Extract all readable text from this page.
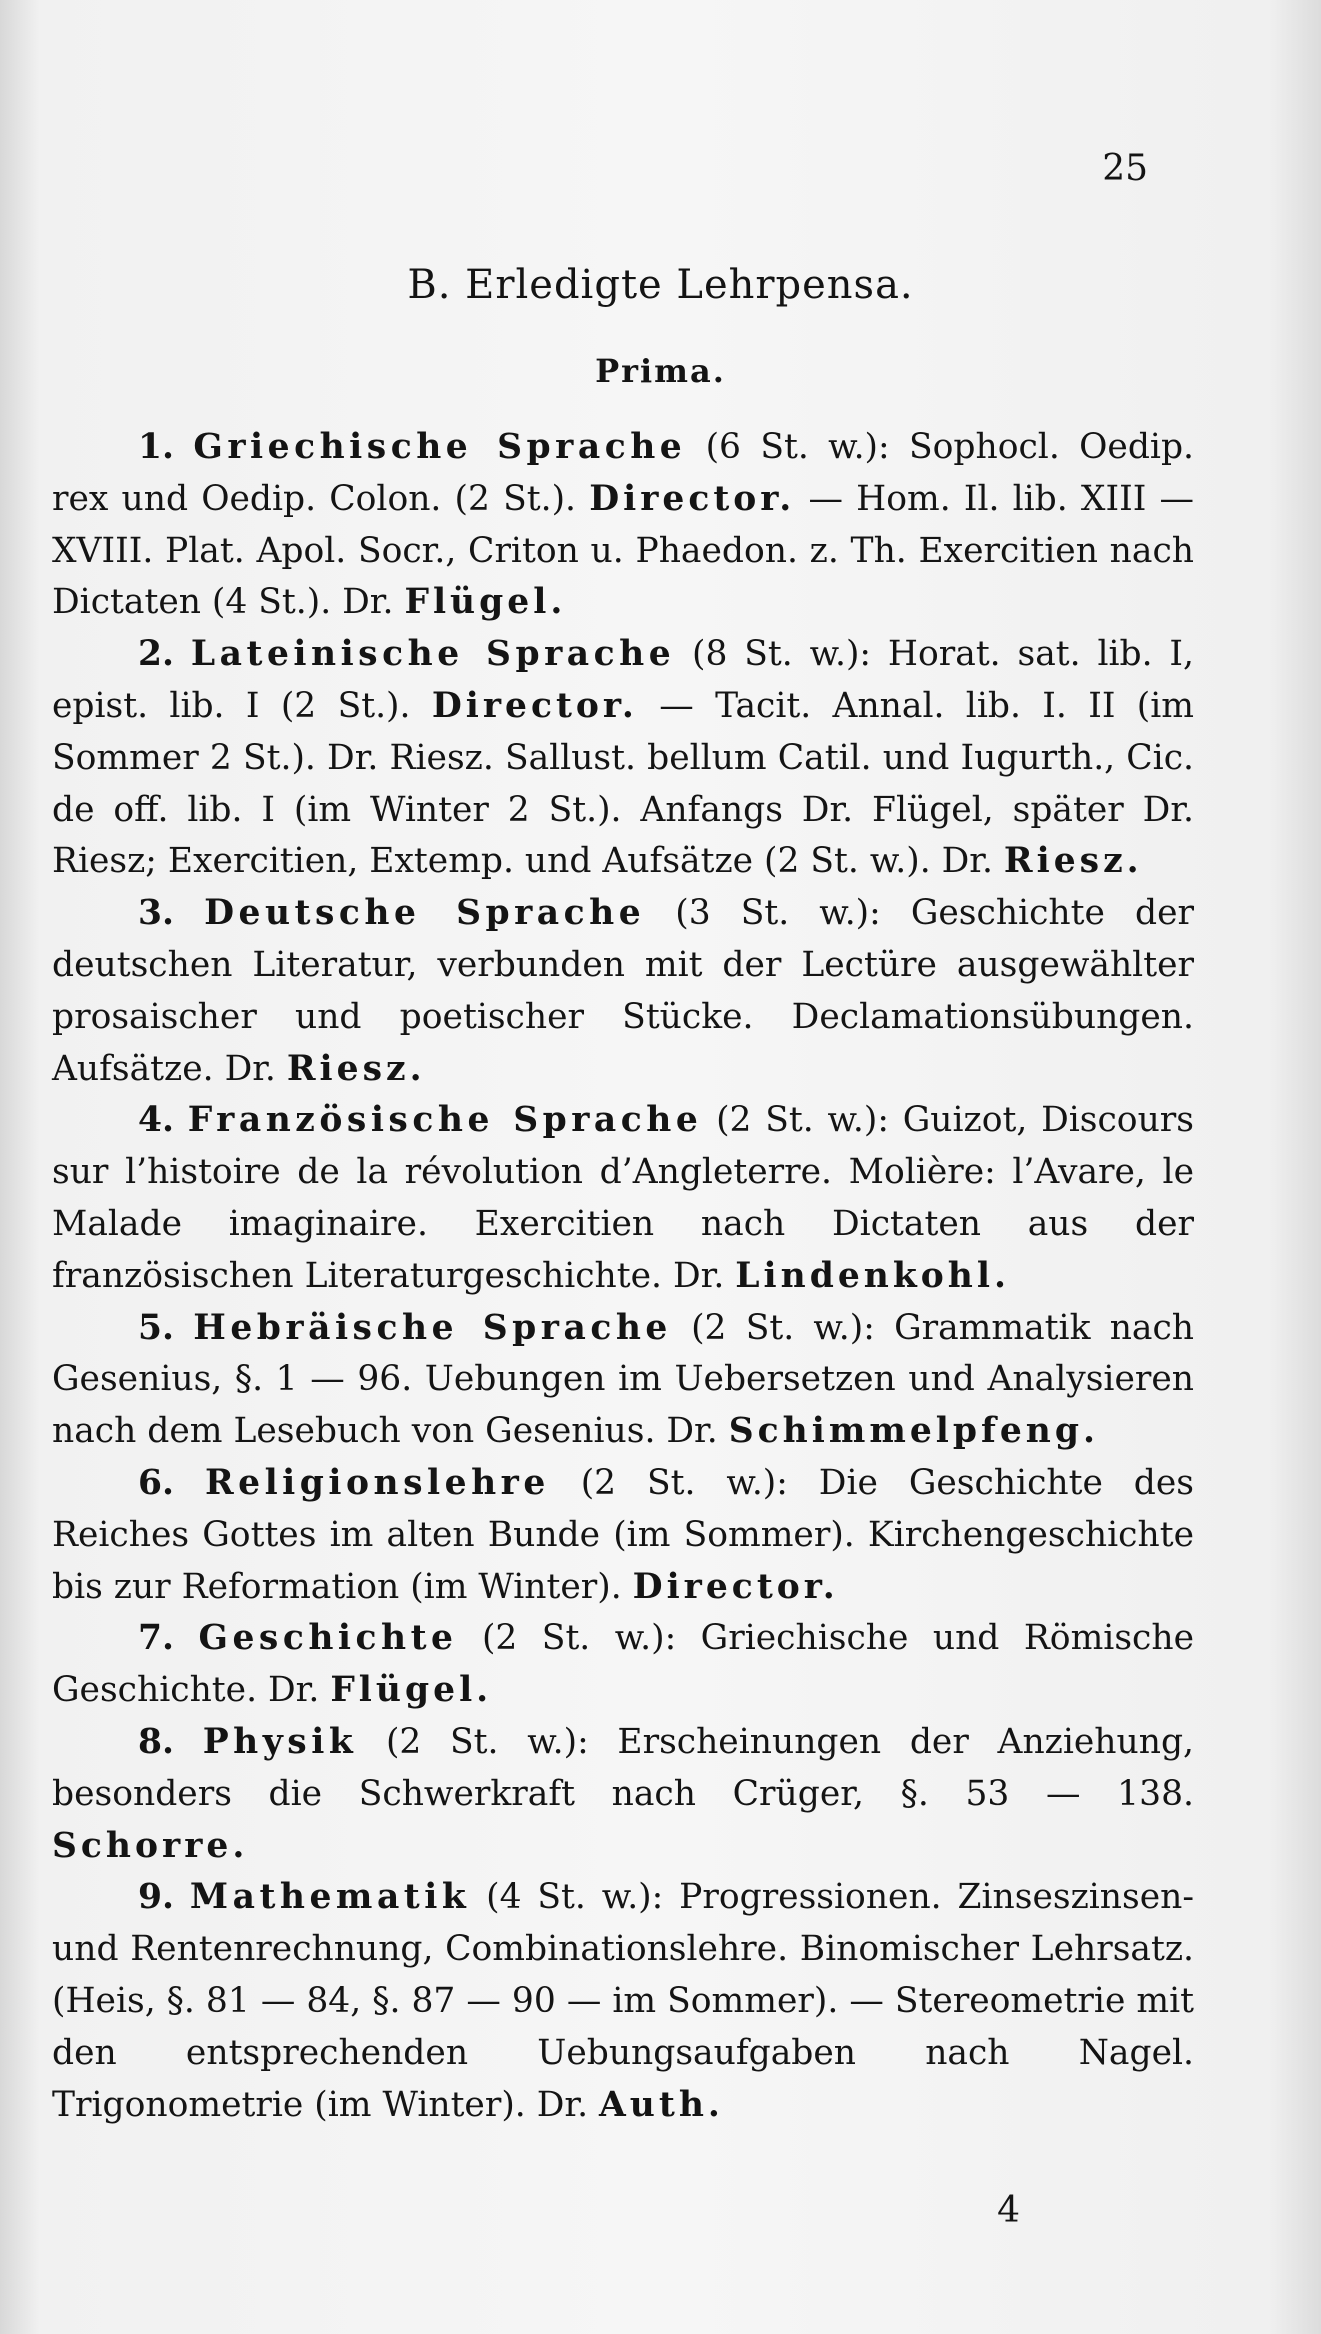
25
B. Erledigte Lehrpensa.
Prima.

1. Griechische Sprache (6 St. w.): Sophocl. Oedip. rex und Oedip. Colon. (2 St.). Director. — Hom. Il. lib. XIII — XVIII. Plat. Apol. Socr., Criton u. Phaedon. z. Th. Exercitien nach Dictaten (4 St.). Dr. Flügel.

2. Lateinische Sprache (8 St. w.): Horat. sat. lib. I, epist. lib. I (2 St.). Director. — Tacit. Annal. lib. I. II (im Sommer 2 St.). Dr. Riesz. Sallust. bellum Catil. und Iugurth., Cic. de off. lib. I (im Winter 2 St.). Anfangs Dr. Flügel, später Dr. Riesz; Exercitien, Extemp. und Aufsätze (2 St. w.). Dr. Riesz.

3. Deutsche Sprache (3 St. w.): Geschichte der deutschen Literatur, verbunden mit der Lectüre ausgewählter prosaischer und poetischer Stücke. Declamationsübungen. Aufsätze. Dr. Riesz.

4. Französische Sprache (2 St. w.): Guizot, Discours sur l’histoire de la révolution d’Angleterre. Molière: l’Avare, le Malade imaginaire. Exercitien nach Dictaten aus der französischen Literaturgeschichte. Dr. Lindenkohl.

5. Hebräische Sprache (2 St. w.): Grammatik nach Gesenius, §. 1 — 96. Uebungen im Uebersetzen und Analysieren nach dem Lesebuch von Gesenius. Dr. Schimmelpfeng.

6. Religionslehre (2 St. w.): Die Geschichte des Reiches Gottes im alten Bunde (im Sommer). Kirchengeschichte bis zur Reformation (im Winter). Director.

7. Geschichte (2 St. w.): Griechische und Römische Geschichte. Dr. Flügel.

8. Physik (2 St. w.): Erscheinungen der Anziehung, besonders die Schwerkraft nach Crüger, §. 53 — 138. Schorre.

9. Mathematik (4 St. w.): Progressionen. Zinseszinsen- und Rentenrechnung, Combinationslehre. Binomischer Lehrsatz. (Heis, §. 81 — 84, §. 87 — 90 — im Sommer). — Stereometrie mit den entsprechenden Uebungsaufgaben nach Nagel. Trigonometrie (im Winter). Dr. Auth.

4
